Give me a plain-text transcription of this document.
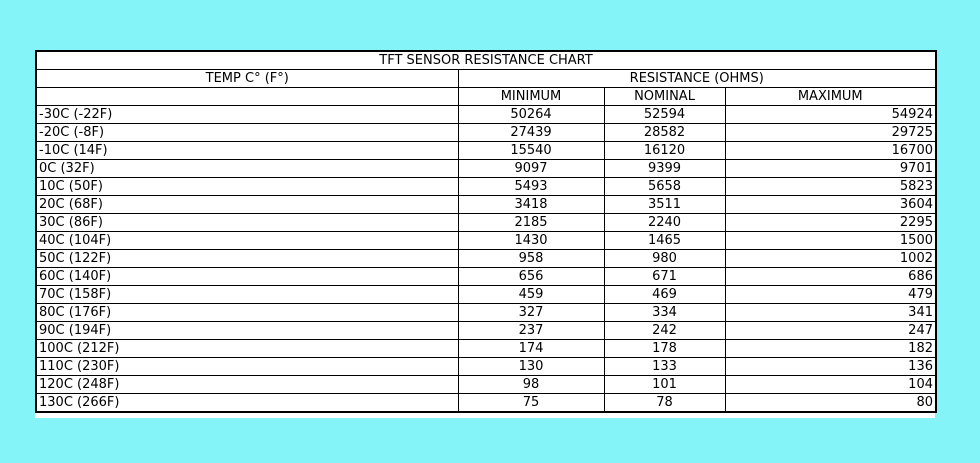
TFT SENSOR RESISTANCE CHART			
TEMP C° (F°)	RESISTANCE (OHMS)		
	MINIMUM	NOMINAL	MAXIMUM
-30C (-22F)	50264	52594	54924
-20C (-8F)	27439	28582	29725
-10C (14F)	15540	16120	16700
0C (32F)	9097	9399	9701
10C (50F)	5493	5658	5823
20C (68F)	3418	3511	3604
30C (86F)	2185	2240	2295
40C (104F)	1430	1465	1500
50C (122F)	958	980	1002
60C (140F)	656	671	686
70C (158F)	459	469	479
80C (176F)	327	334	341
90C (194F)	237	242	247
100C (212F)	174	178	182
110C (230F)	130	133	136
120C (248F)	98	101	104
130C (266F)	75	78	80
